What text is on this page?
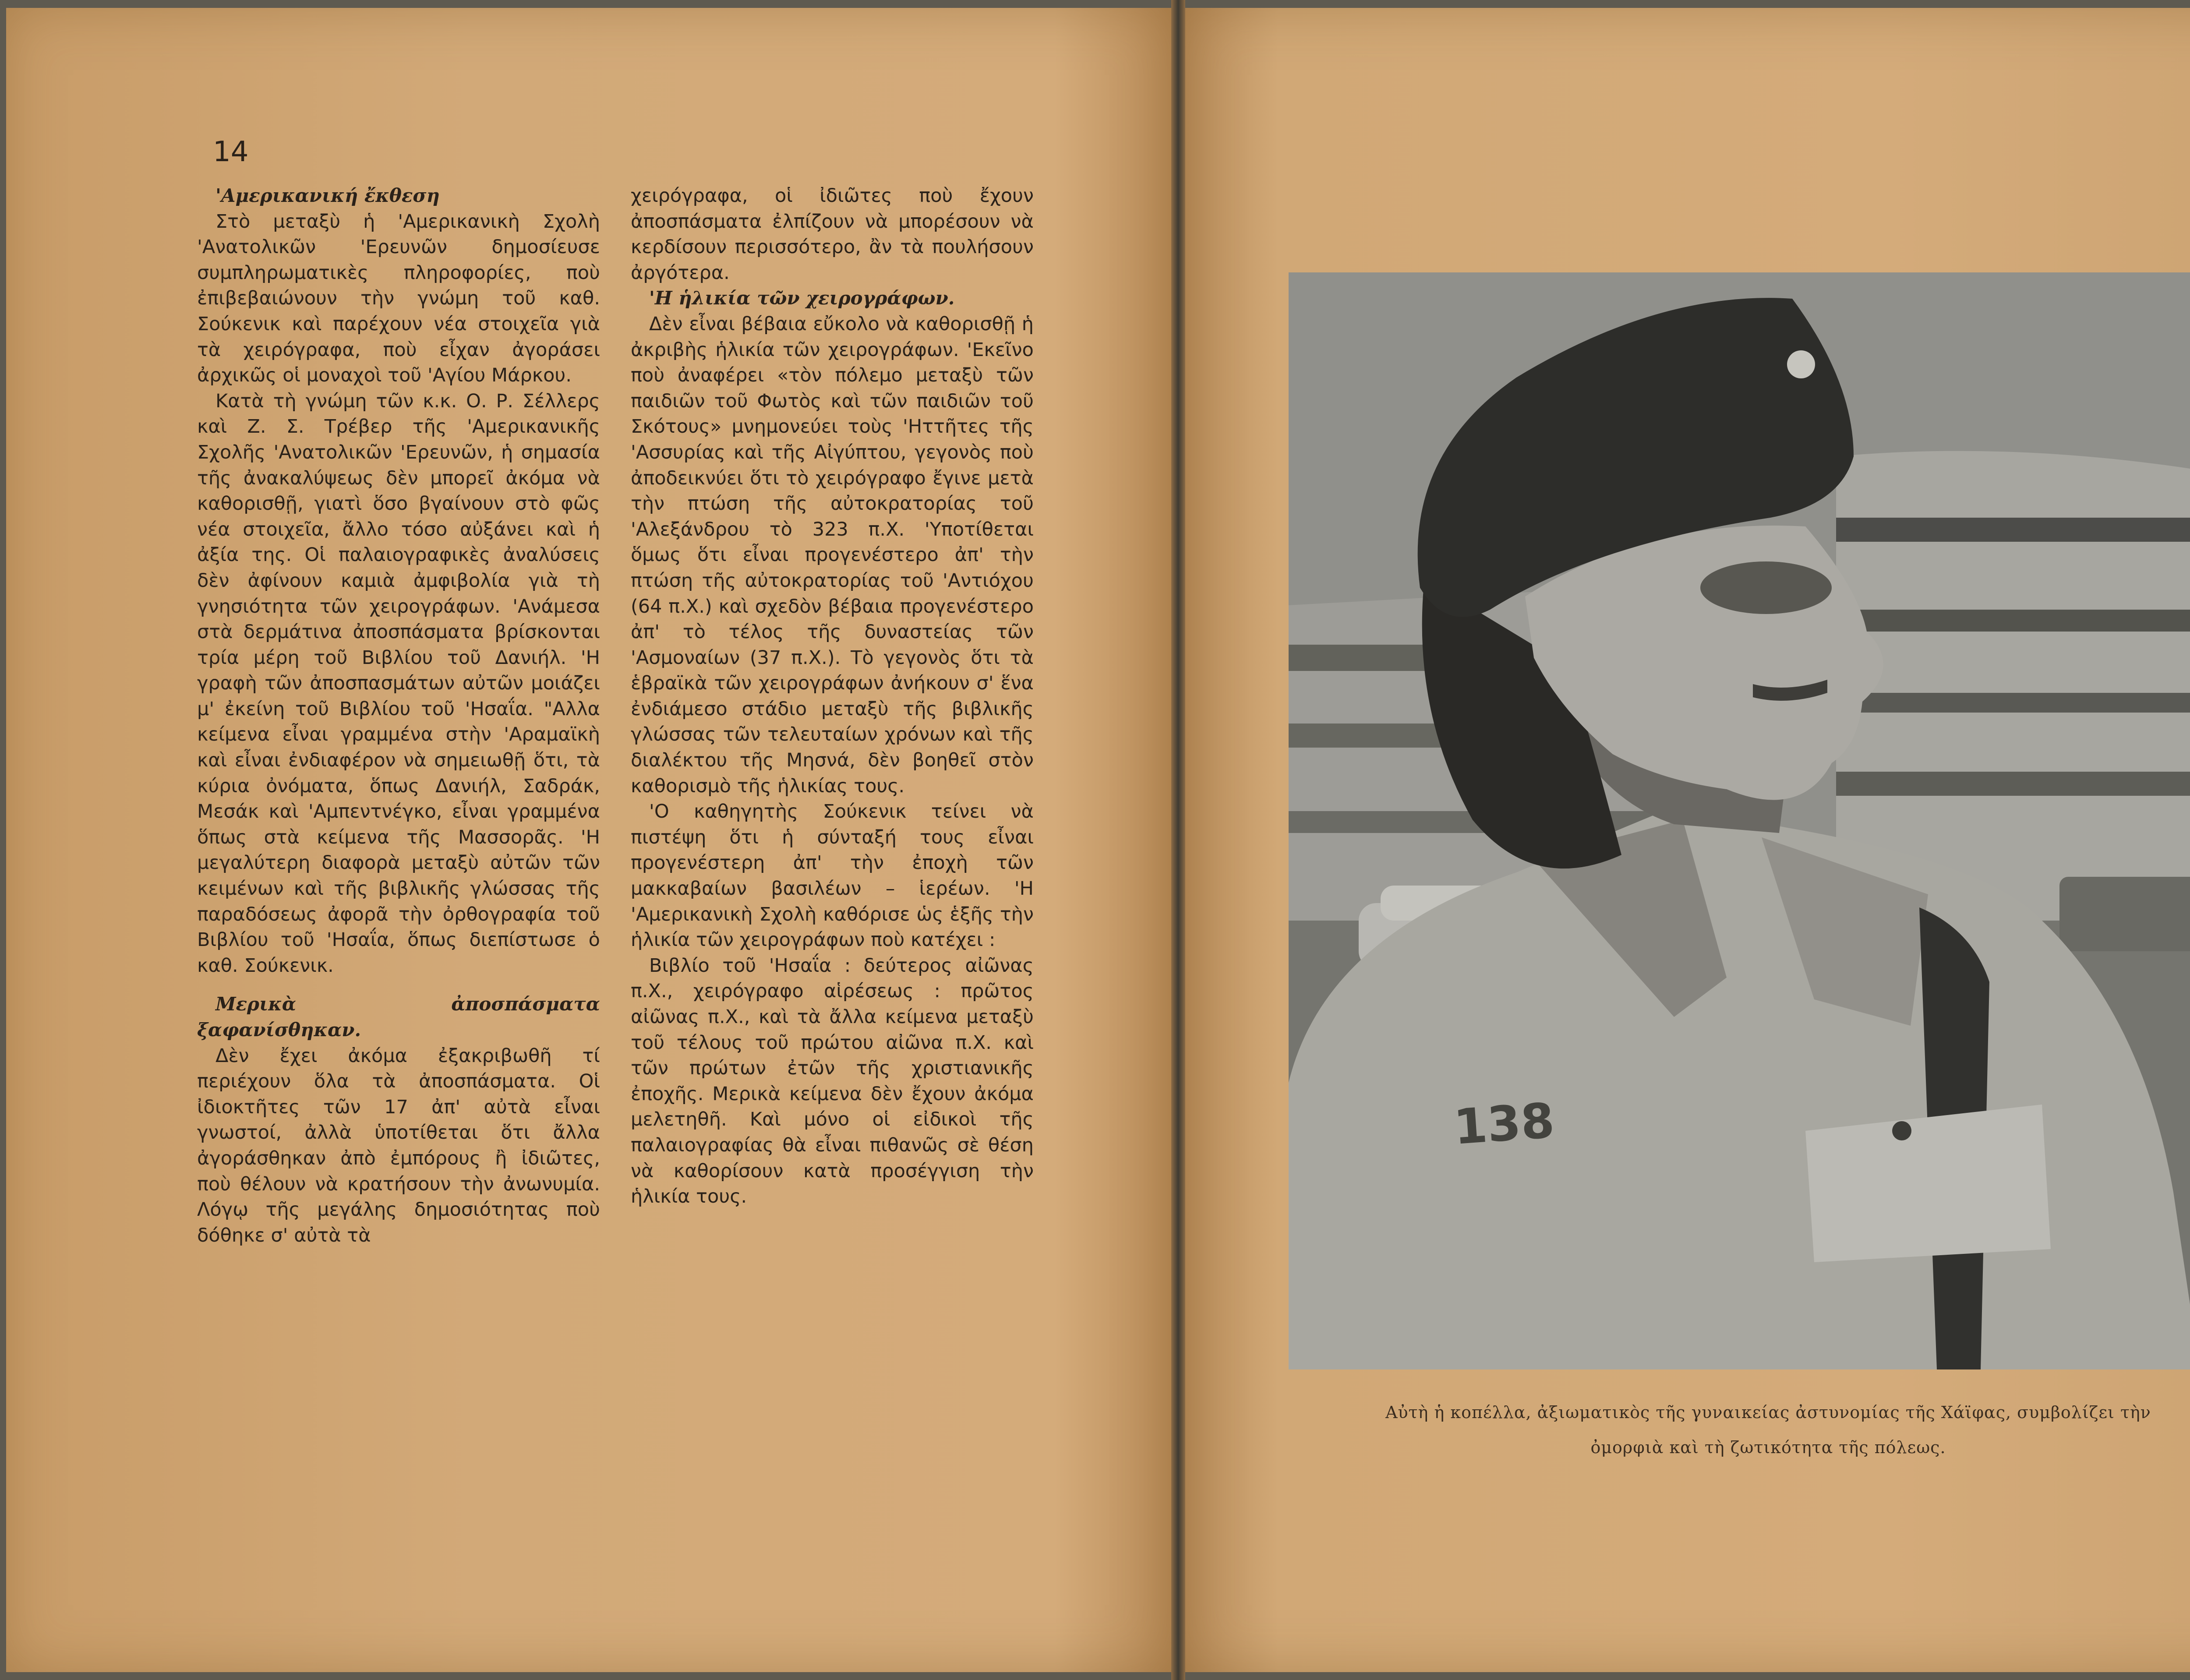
14

'Αμερικανική ἔκθεση

Στὸ μεταξὺ ἡ 'Αμερικανικὴ Σχολὴ 'Ανατολικῶν 'Ερευνῶν δημοσίευσε συμπληρωματικὲς πληροφορίες, ποὺ ἐπιβεβαιώνουν τὴν γνώμη τοῦ καθ. Σούκενικ καὶ παρέχουν νέα στοιχεῖα γιὰ τὰ χειρόγραφα, ποὺ εἶχαν ἀγοράσει ἀρχικῶς οἱ μοναχοὶ τοῦ 'Αγίου Μάρκου.

Κατὰ τὴ γνώμη τῶν κ.κ. Ο. Ρ. Σέλλερς καὶ Ζ. Σ. Τρέβερ τῆς 'Αμερικανικῆς Σχολῆς 'Ανατολικῶν 'Ερευνῶν, ἡ σημασία τῆς ἀνακαλύψεως δὲν μπορεῖ ἀκόμα νὰ καθορισθῇ, γιατὶ ὅσο βγαίνουν στὸ φῶς νέα στοιχεῖα, ἄλλο τόσο αὐξάνει καὶ ἡ ἀξία της. Οἱ παλαιογραφικὲς ἀναλύσεις δὲν ἀφίνουν καμιὰ ἀμφιβολία γιὰ τὴ γνησιότητα τῶν χειρογράφων. 'Ανάμεσα στὰ δερμάτινα ἀποσπάσματα βρίσκονται τρία μέρη τοῦ Βιβλίου τοῦ Δανιήλ. 'Η γραφὴ τῶν ἀποσπασμάτων αὐτῶν μοιάζει μ' ἐκείνη τοῦ Βιβλίου τοῦ 'Ησαΐα. "Αλλα κείμενα εἶναι γραμμένα στὴν 'Αραμαϊκὴ καὶ εἶναι ἐνδιαφέρον νὰ σημειωθῇ ὅτι, τὰ κύρια ὀνόματα, ὅπως Δανιήλ, Σαδράκ, Μεσάκ καὶ 'Αμπεντνέγκο, εἶναι γραμμένα ὅπως στὰ κείμενα τῆς Μασσορᾶς. 'Η μεγαλύτερη διαφορὰ μεταξὺ αὐτῶν τῶν κειμένων καὶ τῆς βιβλικῆς γλώσσας τῆς παραδόσεως ἀφορᾶ τὴν ὀρθογραφία τοῦ Βιβλίου τοῦ 'Ησαΐα, ὅπως διεπίστωσε ὁ καθ. Σούκενικ.

Μερικὰ ἀποσπάσματα ξαφανίσθηκαν.

Δὲν ἔχει ἀκόμα ἐξακριβωθῆ τί περιέχουν ὅλα τὰ ἀποσπάσματα. Οἱ ἰδιοκτῆτες τῶν 17 ἀπ' αὐτὰ εἶναι γνωστοί, ἀλλὰ ὑποτίθεται ὅτι ἄλλα ἀγοράσθηκαν ἀπὸ ἐμπόρους ἢ ἰδιῶτες, ποὺ θέλουν νὰ κρατήσουν τὴν ἀνωνυμία. Λόγῳ τῆς μεγάλης δημοσιότητας ποὺ δόθηκε σ' αὐτὰ τὰ

χειρόγραφα, οἱ ἰδιῶτες ποὺ ἔχουν ἀποσπάσματα ἐλπίζουν νὰ μπορέσουν νὰ κερδίσουν περισσότερο, ἂν τὰ πουλήσουν ἀργότερα.

'Η ἡλικία τῶν χειρογράφων.

Δὲν εἶναι βέβαια εὔκολο νὰ καθορισθῇ ἡ ἀκριβὴς ἡλικία τῶν χειρογράφων. 'Εκεῖνο ποὺ ἀναφέρει «τὸν πόλεμο μεταξὺ τῶν παιδιῶν τοῦ Φωτὸς καὶ τῶν παιδιῶν τοῦ Σκότους» μνημονεύει τοὺς 'Ηττῆτες τῆς 'Ασσυρίας καὶ τῆς Αἰγύπτου, γεγονὸς ποὺ ἀποδεικνύει ὅτι τὸ χειρόγραφο ἔγινε μετὰ τὴν πτώση τῆς αὐτοκρατορίας τοῦ 'Αλεξάνδρου τὸ 323 π.Χ. 'Υποτίθεται ὅμως ὅτι εἶναι προγενέστερο ἀπ' τὴν πτώση τῆς αὐτοκρατορίας τοῦ 'Αντιόχου (64 π.Χ.) καὶ σχεδὸν βέβαια προγενέστερο ἀπ' τὸ τέλος τῆς δυναστείας τῶν 'Ασμοναίων (37 π.Χ.). Τὸ γεγονὸς ὅτι τὰ ἑβραϊκὰ τῶν χειρογράφων ἀνήκουν σ' ἕνα ἐνδιάμεσο στάδιο μεταξὺ τῆς βιβλικῆς γλώσσας τῶν τελευταίων χρόνων καὶ τῆς διαλέκτου τῆς Μησνά, δὲν βοηθεῖ στὸν καθορισμὸ τῆς ἡλικίας τους.

'Ο καθηγητὴς Σούκενικ τείνει νὰ πιστέψη ὅτι ἡ σύνταξή τους εἶναι προγενέστερη ἀπ' τὴν ἐποχὴ τῶν μακκαβαίων βασιλέων – ἱερέων. 'Η 'Αμερικανικὴ Σχολὴ καθόρισε ὡς ἑξῆς τὴν ἡλικία τῶν χειρογράφων ποὺ κατέχει :

Βιβλίο τοῦ 'Ησαΐα : δεύτερος αἰῶνας π.Χ., χειρόγραφο αἱρέσεως : πρῶτος αἰῶνας π.Χ., καὶ τὰ ἄλλα κείμενα μεταξὺ τοῦ τέλους τοῦ πρώτου αἰῶνα π.Χ. καὶ τῶν πρώτων ἐτῶν τῆς χριστιανικῆς ἐποχῆς. Μερικὰ κείμενα δὲν ἔχουν ἀκόμα μελετηθῆ. Καὶ μόνο οἱ εἰδικοὶ τῆς παλαιογραφίας θὰ εἶναι πιθανῶς σὲ θέση νὰ καθορίσουν κατὰ προσέγγιση τὴν ἡλικία τους.

138
Αὐτὴ ἡ κοπέλλα, ἀξιωματικὸς τῆς γυναικείας ἀστυνομίας τῆς Χάϊφας, συμβολίζει τὴν
ὀμορφιὰ καὶ τὴ ζωτικότητα τῆς πόλεως.
